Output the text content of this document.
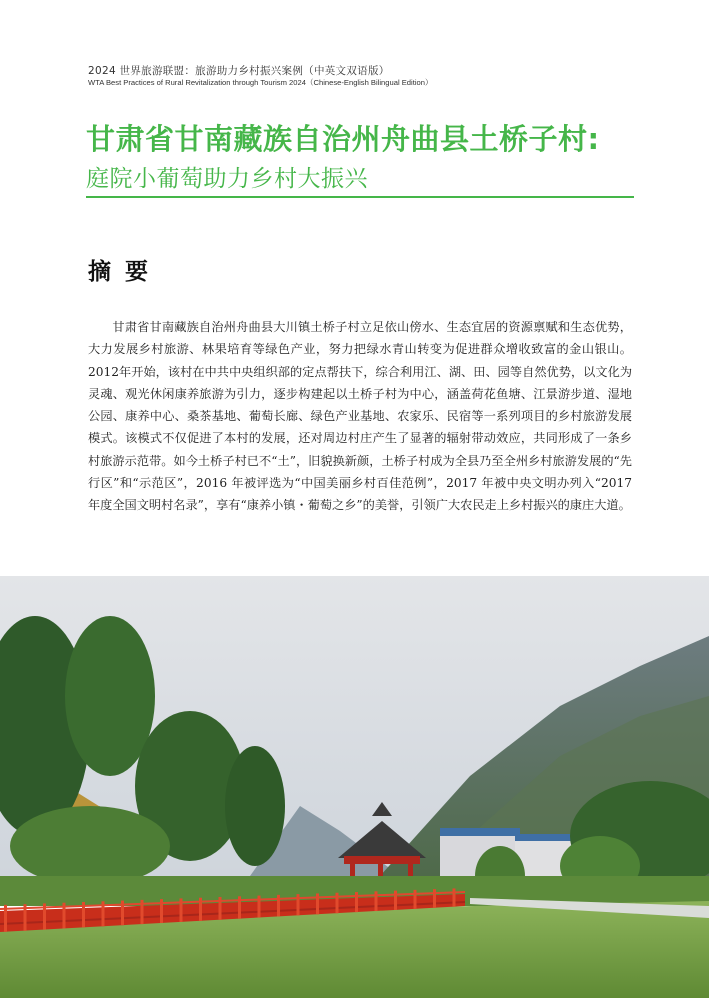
2024 世界旅游联盟：旅游助力乡村振兴案例（中英文双语版）
WTA Best Practices of Rural Revitalization through Tourism 2024（Chinese-English Bilingual Edition）
甘肃省甘南藏族自治州舟曲县土桥子村:
庭院小葡萄助力乡村大振兴
摘要

甘肃省甘南藏族自治州舟曲县大川镇土桥子村立足依山傍水、生态宜居的资源禀赋和生态优势，大力发展乡村旅游、林果培育等绿色产业，努力把绿水青山转变为促进群众增收致富的金山银山。2012年开始，该村在中共中央组织部的定点帮扶下，综合利用江、湖、田、园等自然优势，以文化为灵魂、观光休闲康养旅游为引力，逐步构建起以土桥子村为中心，涵盖荷花鱼塘、江景游步道、湿地公园、康养中心、桑茶基地、葡萄长廊、绿色产业基地、农家乐、民宿等一系列项目的乡村旅游发展模式。该模式不仅促进了本村的发展，还对周边村庄产生了显著的辐射带动效应，共同形成了一条乡村旅游示范带。如今土桥子村已不“土”，旧貌换新颜，土桥子村成为全县乃至全州乡村旅游发展的“先行区”和“示范区”，2016 年被评选为“中国美丽乡村百佳范例”，2017 年被中央文明办列入“2017 年度全国文明村名录”，享有“康养小镇・葡萄之乡”的美誉，引领广大农民走上乡村振兴的康庄大道。
